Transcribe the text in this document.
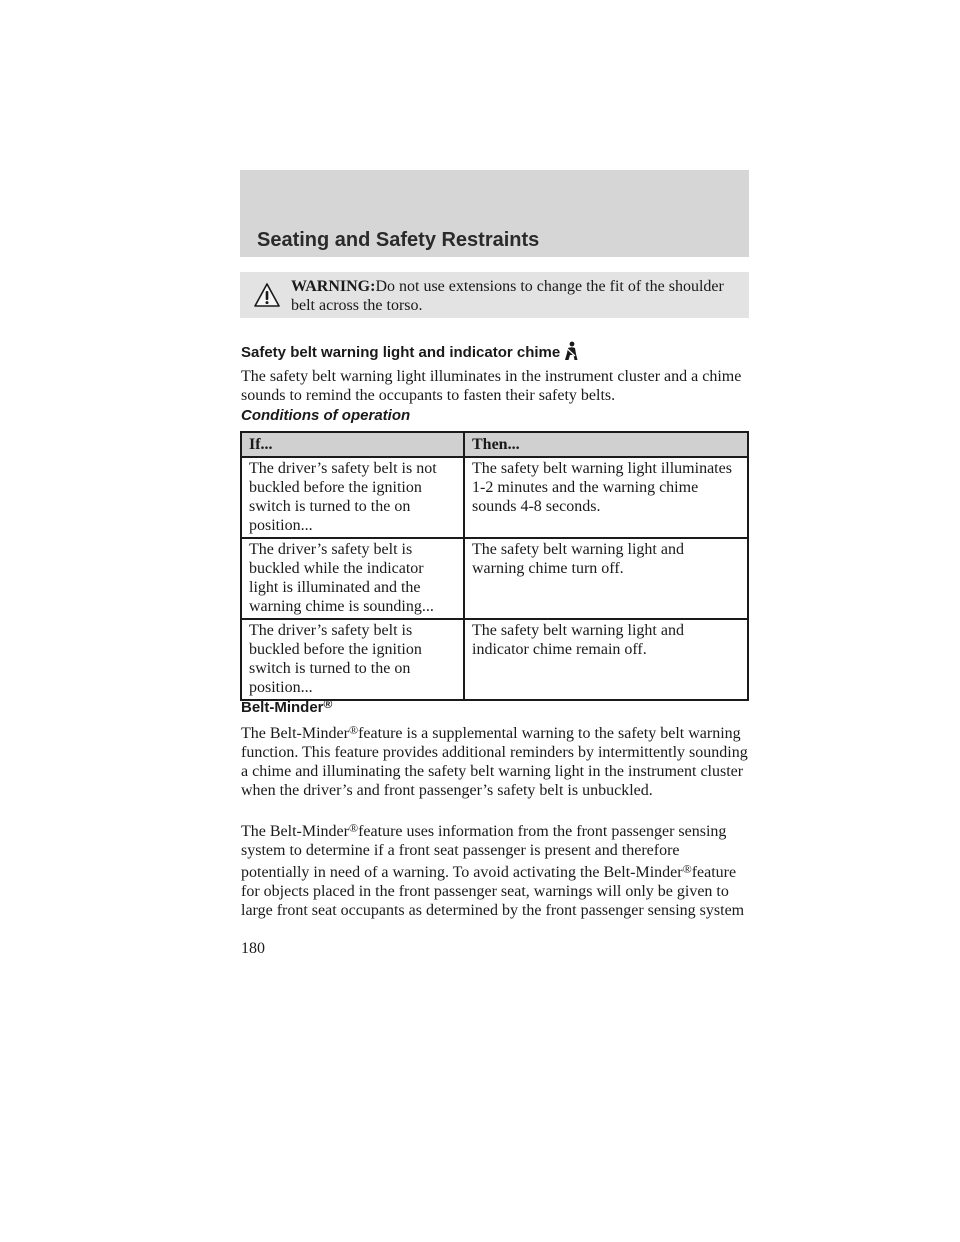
Seating and Safety Restraints

WARNING:Do not use extensions to change the fit of the shoulder belt across the torso.

Safety belt warning light and indicator chime

The safety belt warning light illuminates in the instrument cluster and a chime sounds to remind the occupants to fasten their safety belts.

Conditions of operation
If...	Then...
The driver’s safety belt is not buckled before the ignition switch is turned to the on position...	The safety belt warning light illuminates 1-2 minutes and the warning chime sounds 4-8 seconds.
The driver’s safety belt is buckled while the indicator light is illuminated and the warning chime is sounding...	The safety belt warning light and warning chime turn off.
The driver’s safety belt is buckled before the ignition switch is turned to the on position...	The safety belt warning light and indicator chime remain off.
Belt-Minder®

The Belt-Minder®feature is a supplemental warning to the safety belt warning function. This feature provides additional reminders by intermittently sounding a chime and illuminating the safety belt warning light in the instrument cluster when the driver’s and front passenger’s safety belt is unbuckled.

The Belt-Minder®feature uses information from the front passenger sensing system to determine if a front seat passenger is present and therefore potentially in need of a warning. To avoid activating the Belt-Minder®feature for objects placed in the front passenger seat, warnings will only be given to large front seat occupants as determined by the front passenger sensing system

180
